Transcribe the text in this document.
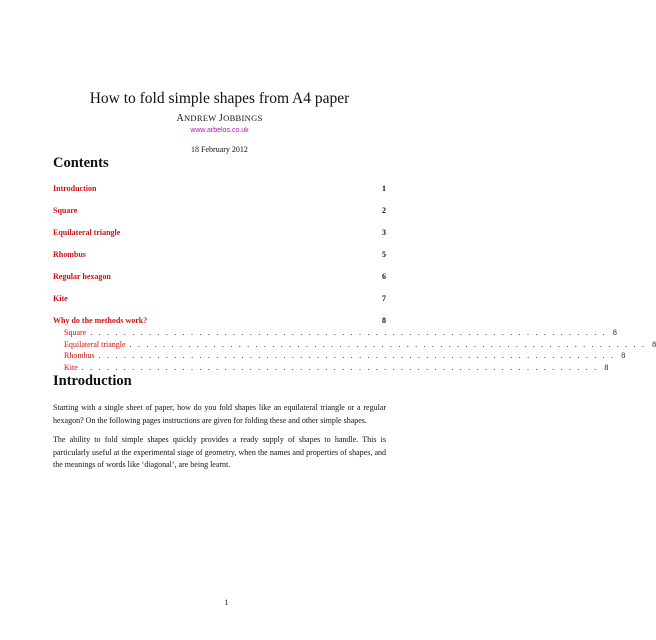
How to fold simple shapes from A4 paper
ANDREW JOBBINGS
www.arbelos.co.uk
18 February 2012
Contents
Introduction	1
Square	2
Equilateral triangle	3
Rhombus	5
Regular hexagon	6
Kite	7
Why do the methods work?	8
Square . . . . . . . . . . . . . . . . . . . . . . . . . . . . . . . . . . . . . . . . . . . . . . . . . . . . . . . . . . . . . . 8
Equilateral triangle . . . . . . . . . . . . . . . . . . . . . . . . . . . . . . . . . . . . . . . . . . . . . . . . . . . . . . . . . . . . . . 8
Rhombus . . . . . . . . . . . . . . . . . . . . . . . . . . . . . . . . . . . . . . . . . . . . . . . . . . . . . . . . . . . . . . 8
Kite . . . . . . . . . . . . . . . . . . . . . . . . . . . . . . . . . . . . . . . . . . . . . . . . . . . . . . . . . . . . . . 8
Introduction

Starting with a single sheet of paper, how do you fold shapes like an equilateral triangle or a regular hexagon? On the following pages instructions are given for folding these and other simple shapes.

The ability to fold simple shapes quickly provides a ready supply of shapes to handle. This is particularly useful at the experimental stage of geometry, when the names and properties of shapes, and the meanings of words like ‘diagonal’, are being learnt.

1
